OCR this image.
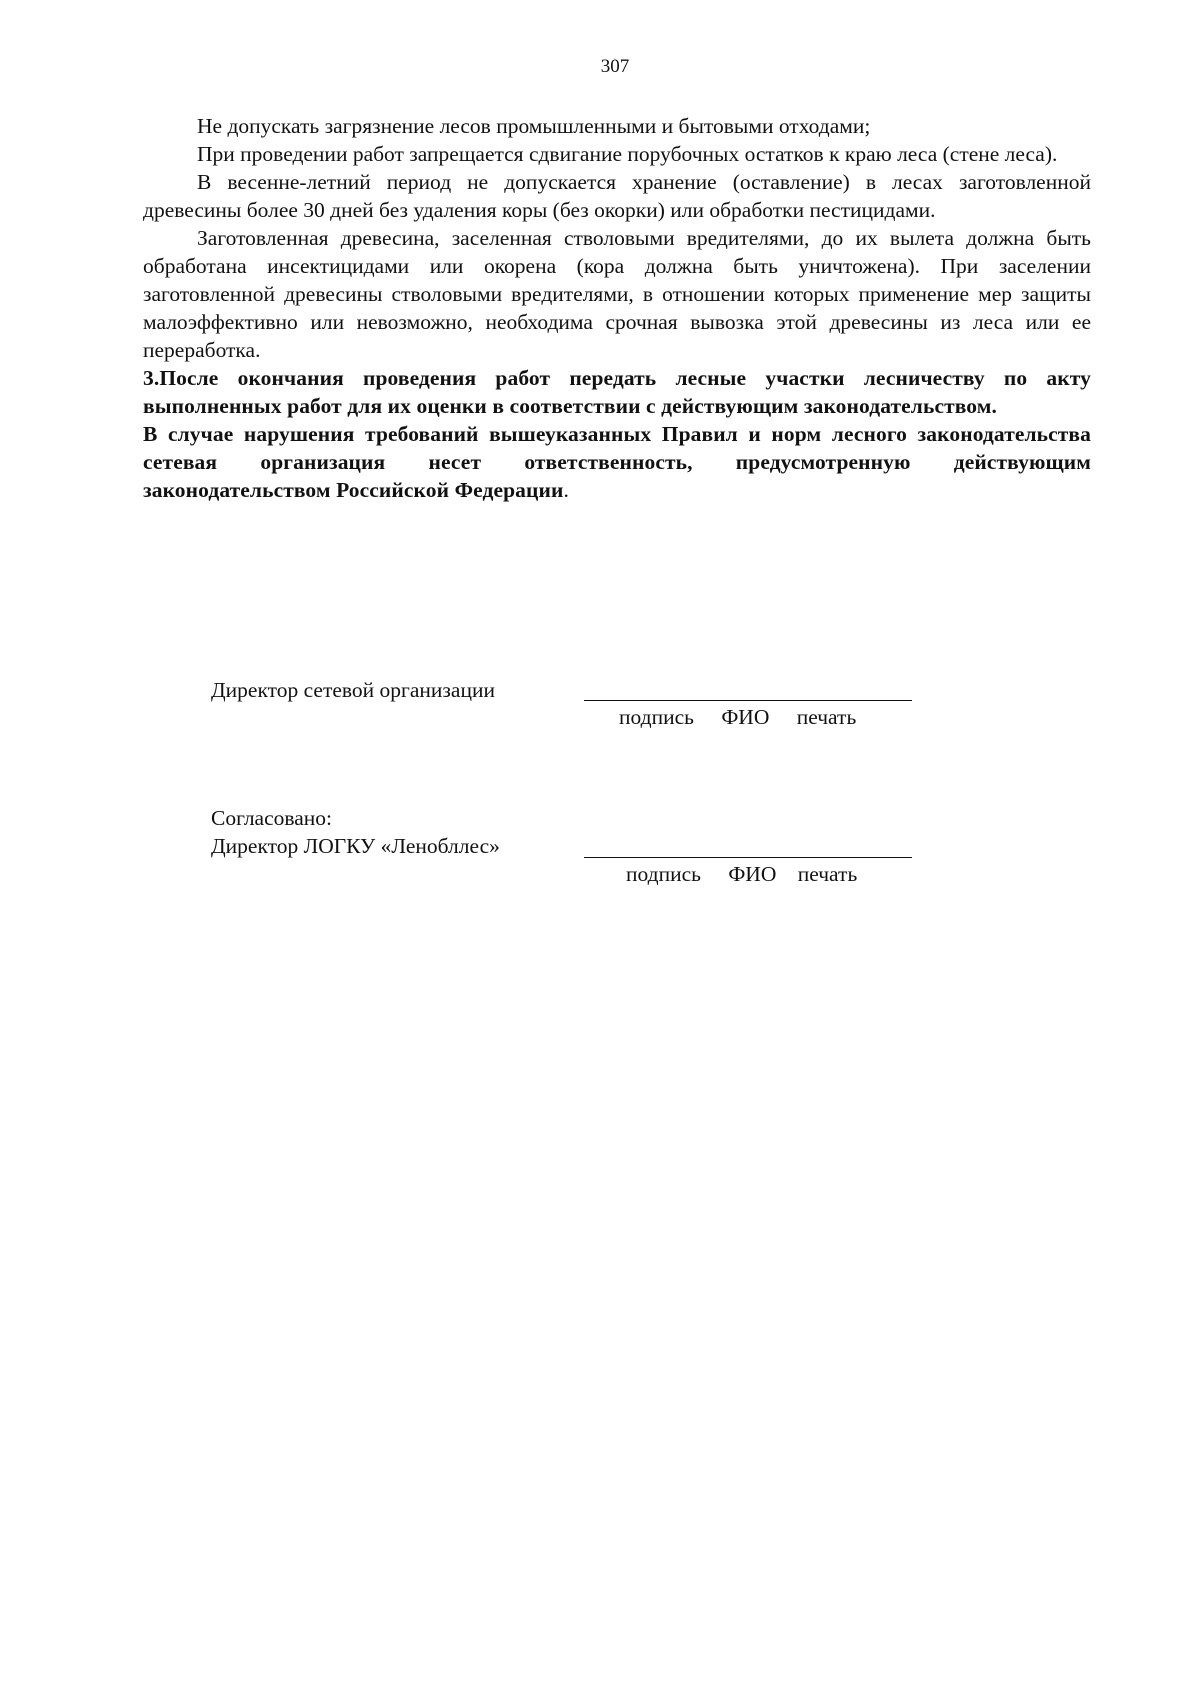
307

Не допускать загрязнение лесов промышленными и бытовыми отходами;

При проведении работ запрещается сдвигание порубочных остатков к краю леса (стене леса).

В весенне-летний период не допускается хранение (оставление) в лесах заготовленной древесины более 30 дней без удаления коры (без окорки) или обработки пестицидами.

Заготовленная древесина, заселенная стволовыми вредителями, до их вылета должна быть обработана инсектицидами или окорена (кора должна быть уничтожена). При заселении заготовленной древесины стволовыми вредителями, в отношении которых применение мер защиты малоэффективно или невозможно, необходима срочная вывозка этой древесины из леса или ее переработка.

3.После окончания проведения работ передать лесные участки лесничеству по акту выполненных работ для их оценки в соответствии с действующим законодательством.

В случае нарушения требований вышеуказанных Правил и норм лесного законодательства сетевая организация несет ответственность, предусмотренную действующим законодательством Российской Федерации.

Директор сетевой организации
подпись ФИО печать
Согласовано:
Директор ЛОГКУ «Ленобллес»
подпись ФИО печать
